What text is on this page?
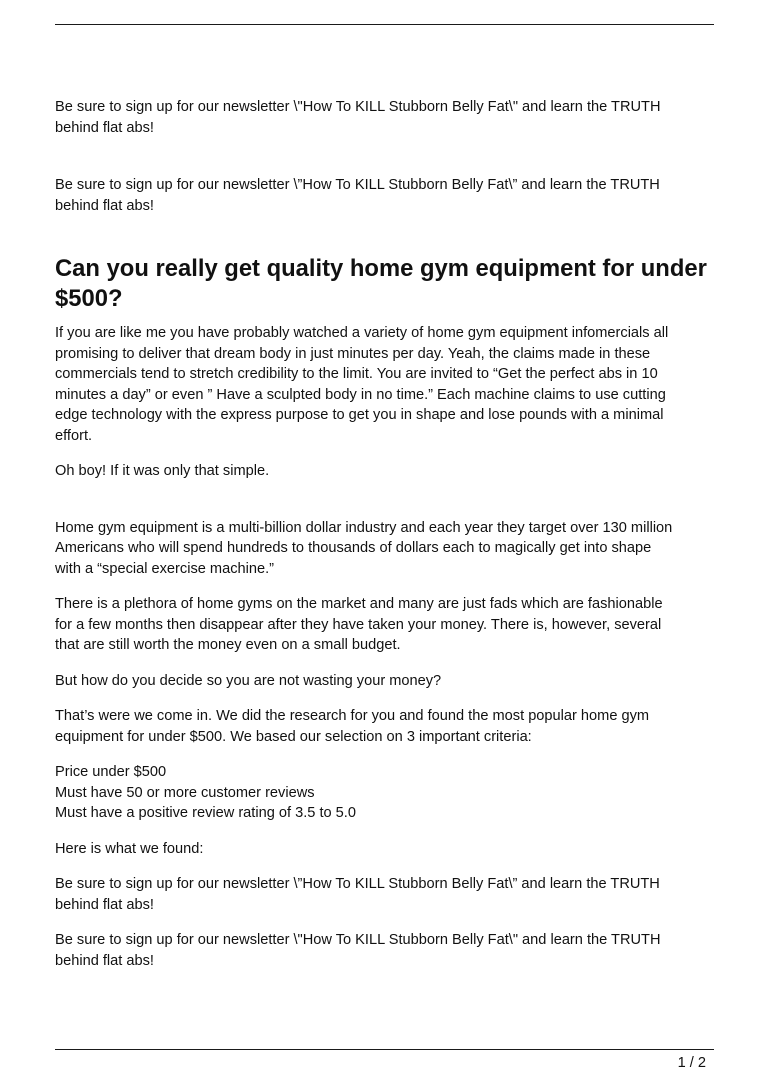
Be sure to sign up for our newsletter \"How To KILL Stubborn Belly Fat\" and learn the TRUTH
behind flat abs!

Be sure to sign up for our newsletter \”How To KILL Stubborn Belly Fat\” and learn the TRUTH
behind flat abs!

Can you really get quality home gym equipment for under $500?

If you are like me you have probably watched a variety of home gym equipment infomercials all
promising to deliver that dream body in just minutes per day. Yeah, the claims made in these
commercials tend to stretch credibility to the limit. You are invited to “Get the perfect abs in 10
minutes a day” or even ” Have a sculpted body in no time.” Each machine claims to use cutting
edge technology with the express purpose to get you in shape and lose pounds with a minimal
effort.

Oh boy! If it was only that simple.

Home gym equipment is a multi-billion dollar industry and each year they target over 130 million
Americans who will spend hundreds to thousands of dollars each to magically get into shape
with a “special exercise machine.”

There is a plethora of home gyms on the market and many are just fads which are fashionable
for a few months then disappear after they have taken your money. There is, however, several
that are still worth the money even on a small budget.

But how do you decide so you are not wasting your money?

That’s were we come in. We did the research for you and found the most popular home gym
equipment for under $500. We based our selection on 3 important criteria:

Price under $500
Must have 50 or more customer reviews
Must have a positive review rating of 3.5 to 5.0

Here is what we found:

Be sure to sign up for our newsletter \”How To KILL Stubborn Belly Fat\” and learn the TRUTH
behind flat abs!

Be sure to sign up for our newsletter \"How To KILL Stubborn Belly Fat\" and learn the TRUTH
behind flat abs!

1 / 2
